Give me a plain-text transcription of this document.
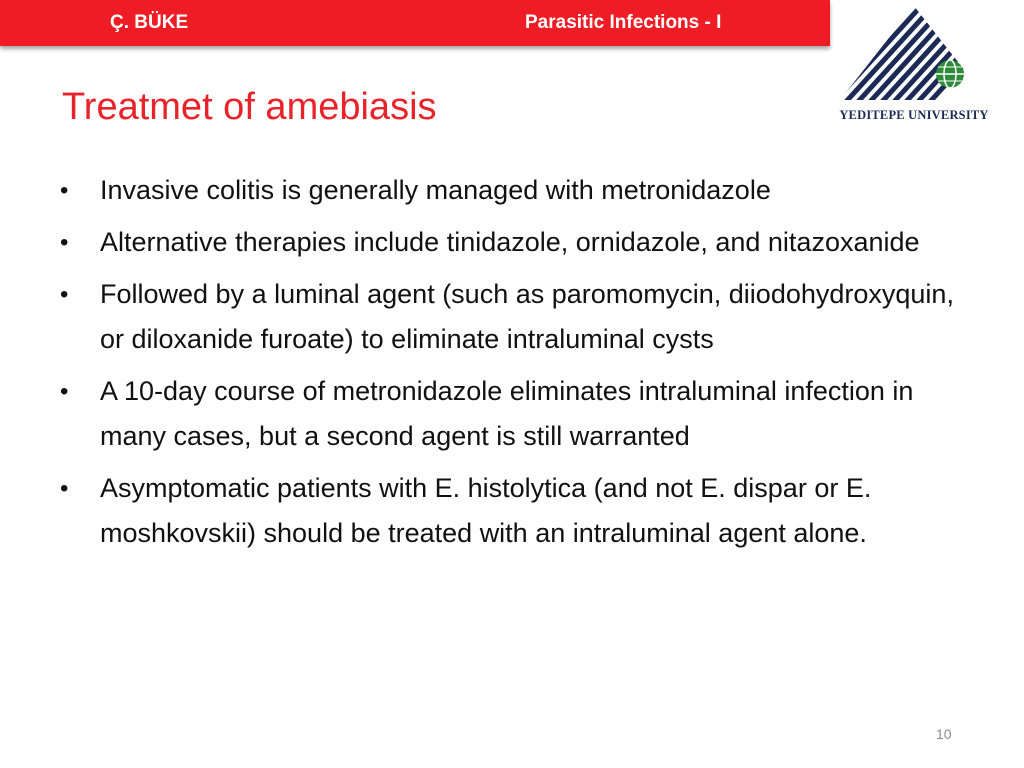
Ç. BÜKE	Parasitic Infections - I
YEDITEPE UNIVERSITY
Treatmet of amebiasis
• Invasive colitis is generally managed with metronidazole
• Alternative therapies include tinidazole, ornidazole, and nitazoxanide
• Followed by a luminal agent (such as paromomycin, diiodohydroxyquin, or diloxanide furoate) to eliminate intraluminal cysts
• A 10-day course of metronidazole eliminates intraluminal infection in many cases, but a second agent is still warranted
• Asymptomatic patients with E. histolytica (and not E. dispar or E. moshkovskii) should be treated with an intraluminal agent alone.
10
